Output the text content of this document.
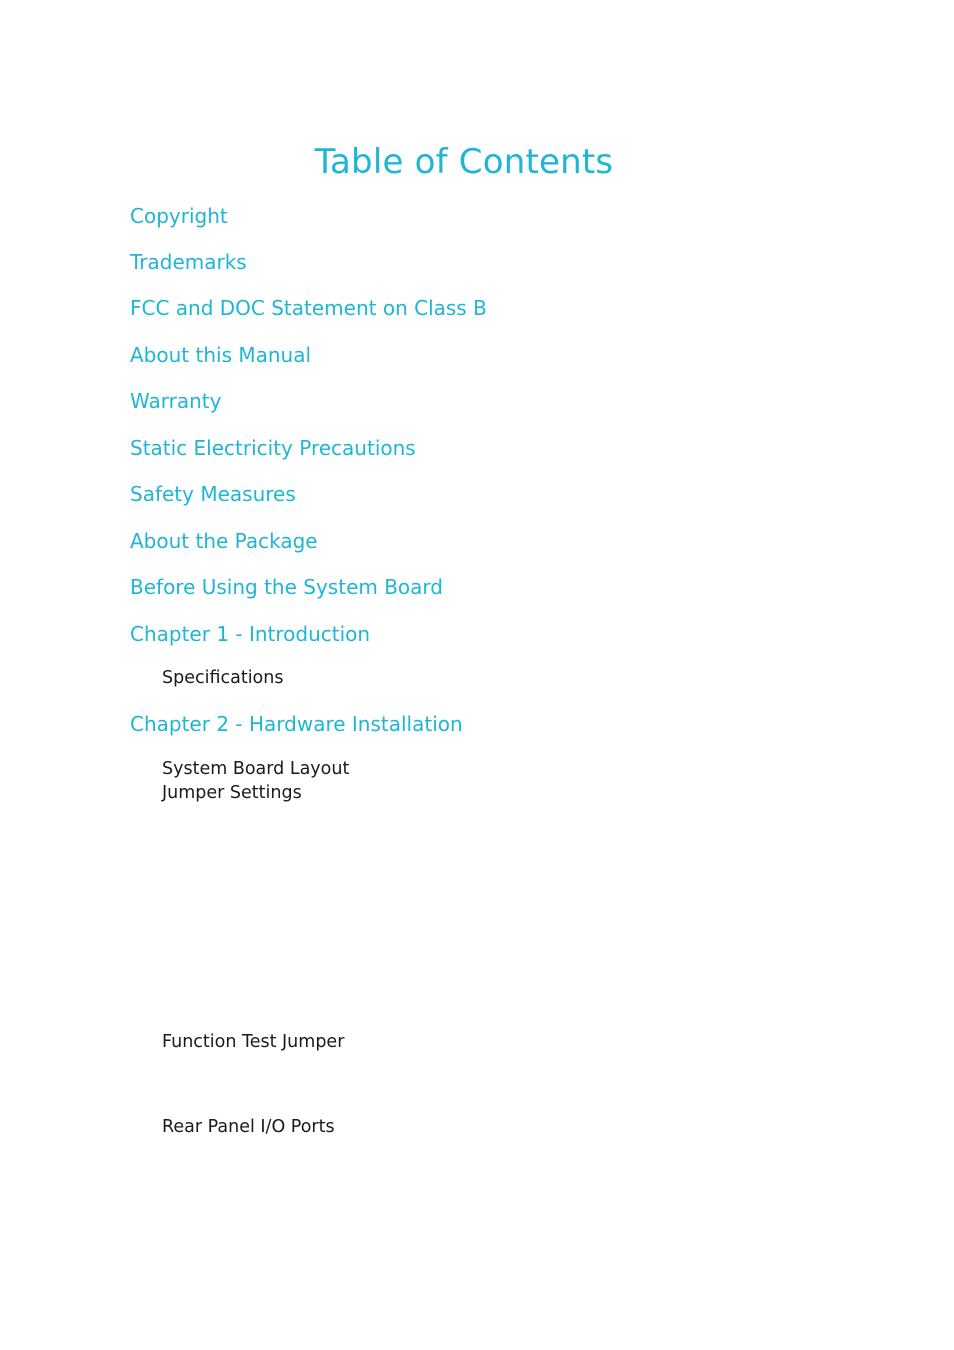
Table of Contents
Copyright
Trademarks
FCC and DOC Statement on Class B
About this Manual
Warranty
Static Electricity Precautions
Safety Measures
About the Package
Before Using the System Board
Chapter 1 - Introduction
Specifications
Chapter 2 - Hardware Installation
System Board Layout
Jumper Settings
Function Test Jumper
Rear Panel I/O Ports
